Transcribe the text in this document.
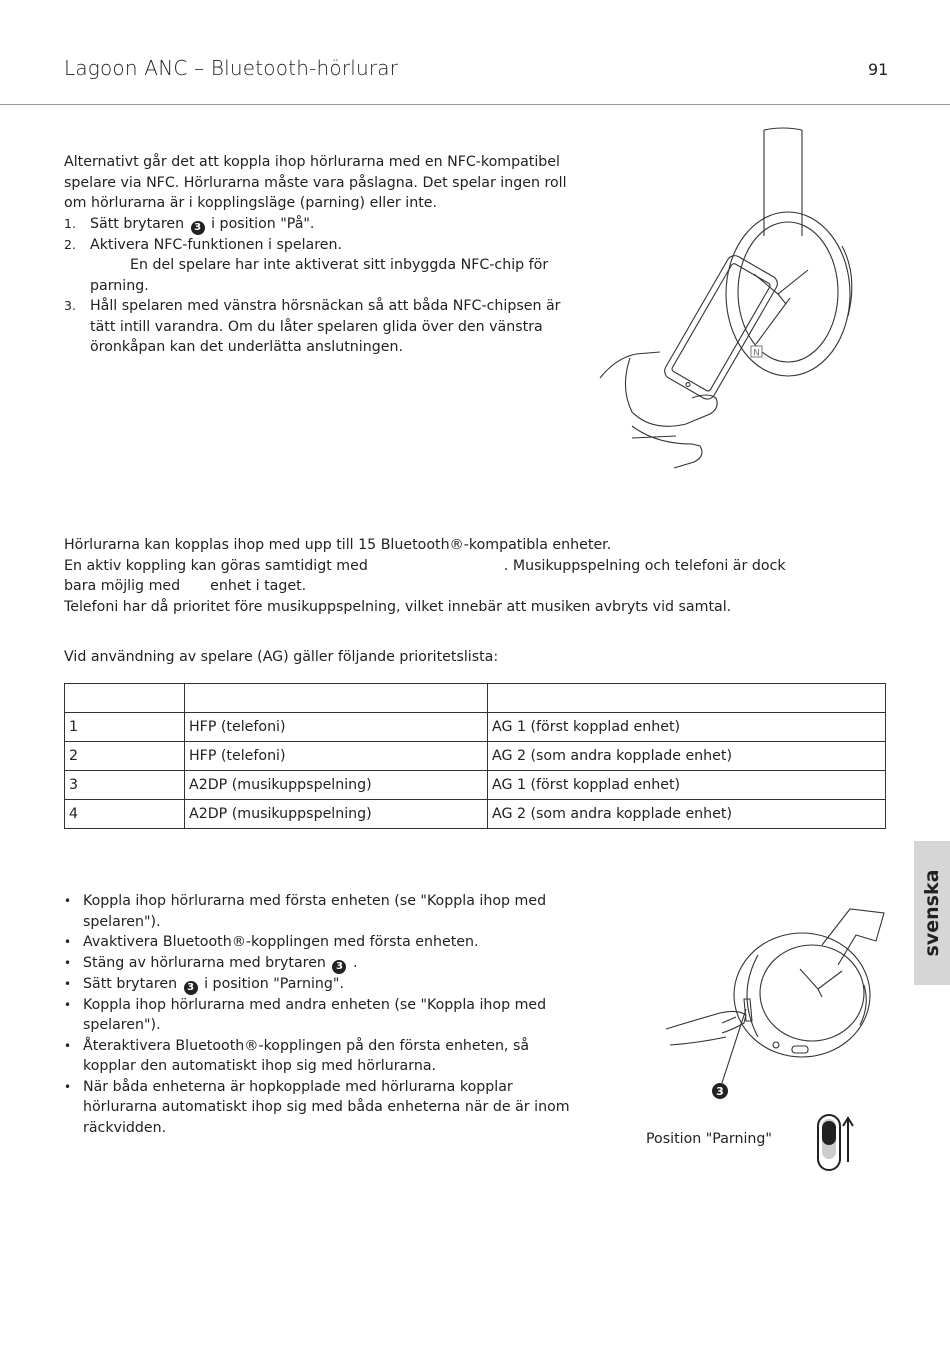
Lagoon ANC – Bluetooth-hörlurar	91
Alternativt går det att koppla ihop hörlurarna med en NFC-kompatibel spelare via NFC. Hörlurarna måste vara påslagna. Det spelar ingen roll om hörlurarna är i kopplingsläge (parning) eller inte.
1. Sätt brytaren 3 i position "På".
2. Aktivera NFC-funktionen i spelaren.
En del spelare har inte aktiverat sitt inbyggda NFC-chip för parning.
3. Håll spelaren med vänstra hörsnäckan så att båda NFC-chipsen är tätt intill varandra. Om du låter spelaren glida över den vänstra öronkåpan kan det underlätta anslutningen.	N
Hörlurarna kan kopplas ihop med upp till 15 Bluetooth®-kompatibla enheter.
En aktiv koppling kan göras samtidigt med	. Musikuppspelning och telefoni är dock
bara möjlig med enhet i taget.
Telefoni har då prioritet före musikuppspelning, vilket innebär att musiken avbryts vid samtal.
Vid användning av spelare (AG) gäller följande prioritetslista:

1	HFP (telefoni)	AG 1 (först kopplad enhet)
2	HFP (telefoni)	AG 2 (som andra kopplade enhet)
3	A2DP (musikuppspelning)	AG 1 (först kopplad enhet)
4	A2DP (musikuppspelning)	AG 2 (som andra kopplade enhet)
• Koppla ihop hörlurarna med första enheten (se "Koppla ihop med spelaren").
• Avaktivera Bluetooth®-kopplingen med första enheten.
• Stäng av hörlurarna med brytaren 3 .
• Sätt brytaren 3 i position "Parning".
• Koppla ihop hörlurarna med andra enheten (se "Koppla ihop med spelaren").
• Återaktivera Bluetooth®-kopplingen på den första enheten, så kopplar den automatiskt ihop sig med hörlurarna.
• När båda enheterna är hopkopplade med hörlurarna kopplar hörlurarna automatiskt ihop sig med båda enheterna när de är inom räckvidden.
3
Position "Parning"
svenska
